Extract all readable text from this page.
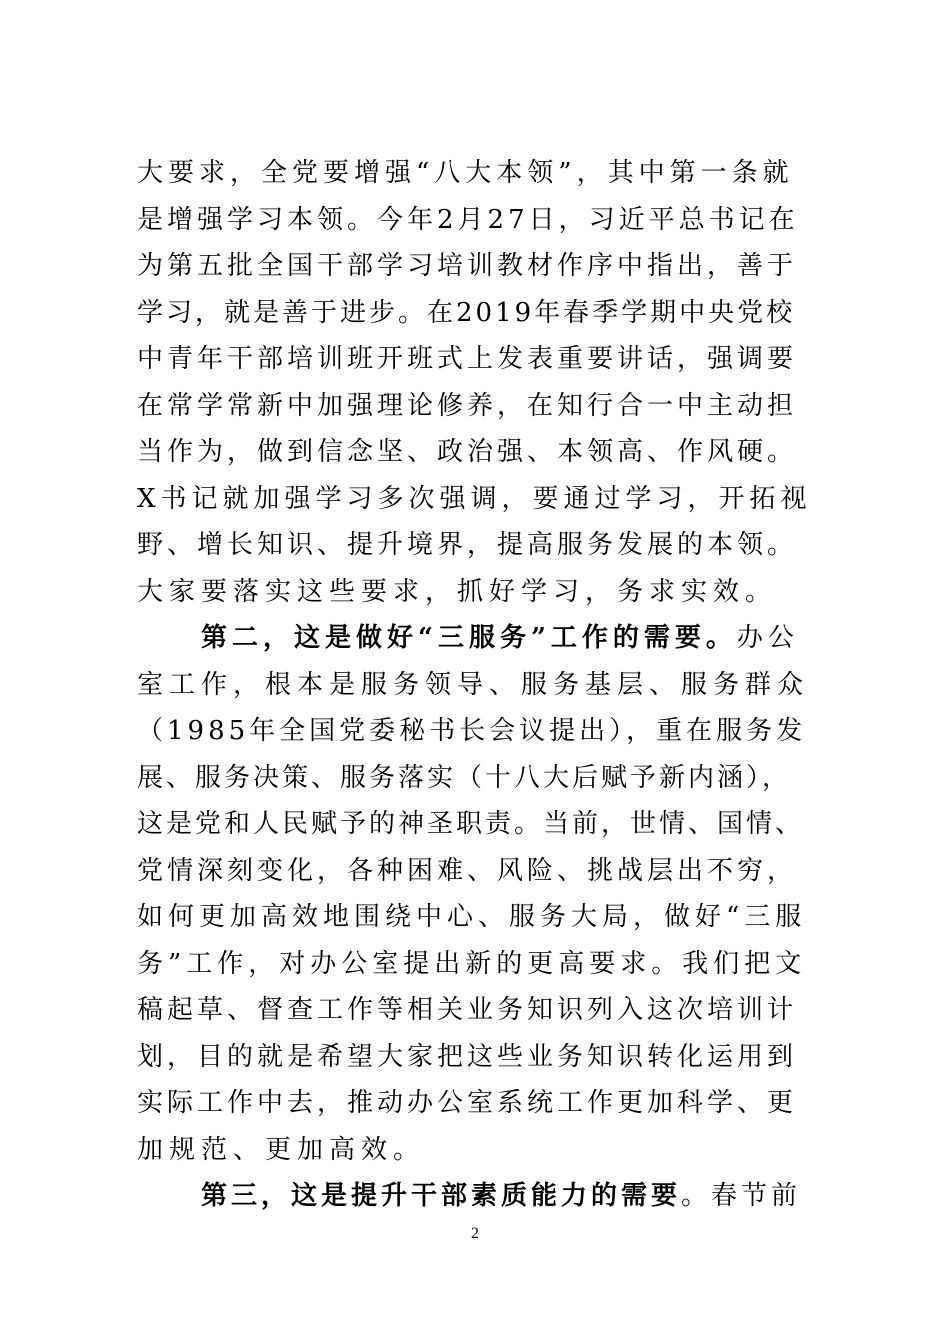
大要求，全党要增强“八大本领”，其中第一条就
是增强学习本领。今年2月27日，习近平总书记在
为第五批全国干部学习培训教材作序中指出，善于
学习，就是善于进步。在2019年春季学期中央党校
中青年干部培训班开班式上发表重要讲话，强调要
在常学常新中加强理论修养，在知行合一中主动担
当作为，做到信念坚、政治强、本领高、作风硬。
X书记就加强学习多次强调，要通过学习，开拓视
野、增长知识、提升境界，提高服务发展的本领。
大家要落实这些要求，抓好学习，务求实效。
第二，这是做好“三服务”工作的需要。办公
室工作，根本是服务领导、服务基层、服务群众
（1985年全国党委秘书长会议提出），重在服务发
展、服务决策、服务落实（十八大后赋予新内涵），
这是党和人民赋予的神圣职责。当前，世情、国情、
党情深刻变化，各种困难、风险、挑战层出不穷，
如何更加高效地围绕中心、服务大局，做好“三服
务”工作，对办公室提出新的更高要求。我们把文
稿起草、督查工作等相关业务知识列入这次培训计
划，目的就是希望大家把这些业务知识转化运用到
实际工作中去，推动办公室系统工作更加科学、更
加规范、更加高效。
第三，这是提升干部素质能力的需要。春节前
2
